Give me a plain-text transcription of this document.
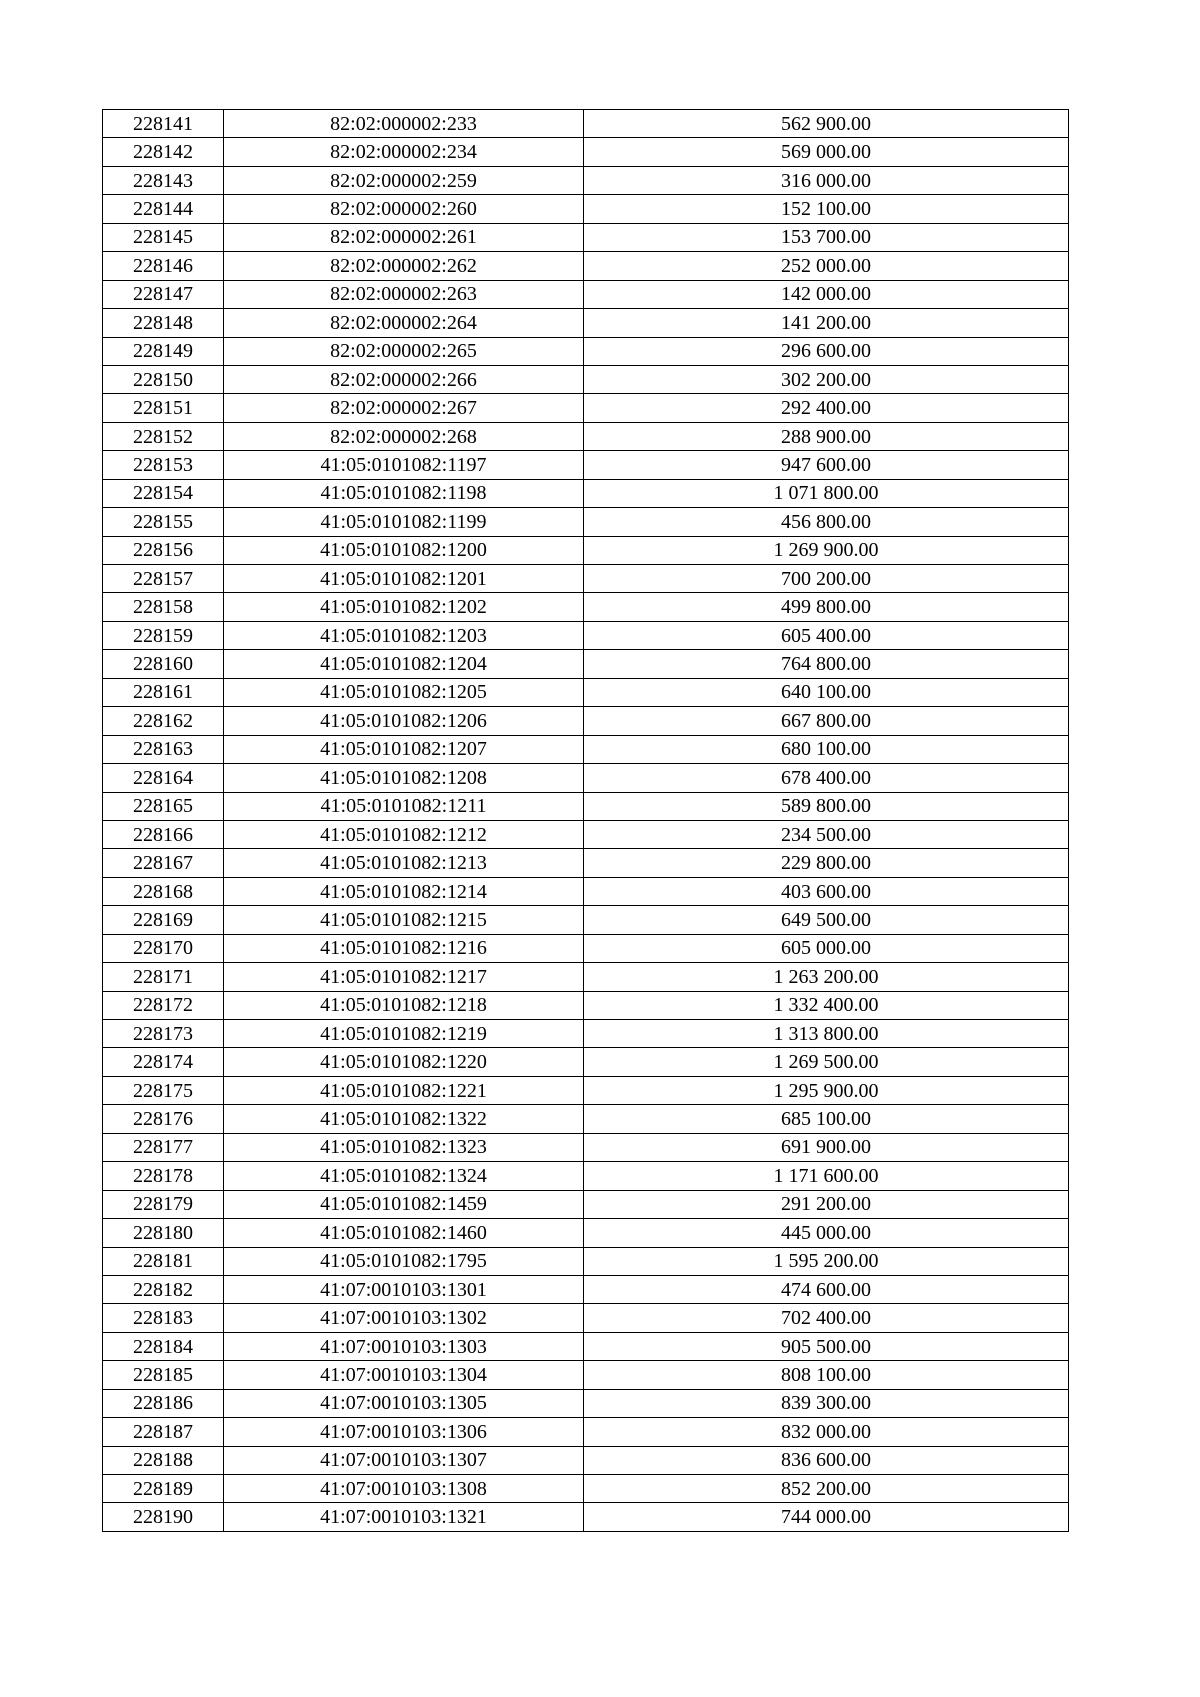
228141	82:02:000002:233	562 900.00
228142	82:02:000002:234	569 000.00
228143	82:02:000002:259	316 000.00
228144	82:02:000002:260	152 100.00
228145	82:02:000002:261	153 700.00
228146	82:02:000002:262	252 000.00
228147	82:02:000002:263	142 000.00
228148	82:02:000002:264	141 200.00
228149	82:02:000002:265	296 600.00
228150	82:02:000002:266	302 200.00
228151	82:02:000002:267	292 400.00
228152	82:02:000002:268	288 900.00
228153	41:05:0101082:1197	947 600.00
228154	41:05:0101082:1198	1 071 800.00
228155	41:05:0101082:1199	456 800.00
228156	41:05:0101082:1200	1 269 900.00
228157	41:05:0101082:1201	700 200.00
228158	41:05:0101082:1202	499 800.00
228159	41:05:0101082:1203	605 400.00
228160	41:05:0101082:1204	764 800.00
228161	41:05:0101082:1205	640 100.00
228162	41:05:0101082:1206	667 800.00
228163	41:05:0101082:1207	680 100.00
228164	41:05:0101082:1208	678 400.00
228165	41:05:0101082:1211	589 800.00
228166	41:05:0101082:1212	234 500.00
228167	41:05:0101082:1213	229 800.00
228168	41:05:0101082:1214	403 600.00
228169	41:05:0101082:1215	649 500.00
228170	41:05:0101082:1216	605 000.00
228171	41:05:0101082:1217	1 263 200.00
228172	41:05:0101082:1218	1 332 400.00
228173	41:05:0101082:1219	1 313 800.00
228174	41:05:0101082:1220	1 269 500.00
228175	41:05:0101082:1221	1 295 900.00
228176	41:05:0101082:1322	685 100.00
228177	41:05:0101082:1323	691 900.00
228178	41:05:0101082:1324	1 171 600.00
228179	41:05:0101082:1459	291 200.00
228180	41:05:0101082:1460	445 000.00
228181	41:05:0101082:1795	1 595 200.00
228182	41:07:0010103:1301	474 600.00
228183	41:07:0010103:1302	702 400.00
228184	41:07:0010103:1303	905 500.00
228185	41:07:0010103:1304	808 100.00
228186	41:07:0010103:1305	839 300.00
228187	41:07:0010103:1306	832 000.00
228188	41:07:0010103:1307	836 600.00
228189	41:07:0010103:1308	852 200.00
228190	41:07:0010103:1321	744 000.00
